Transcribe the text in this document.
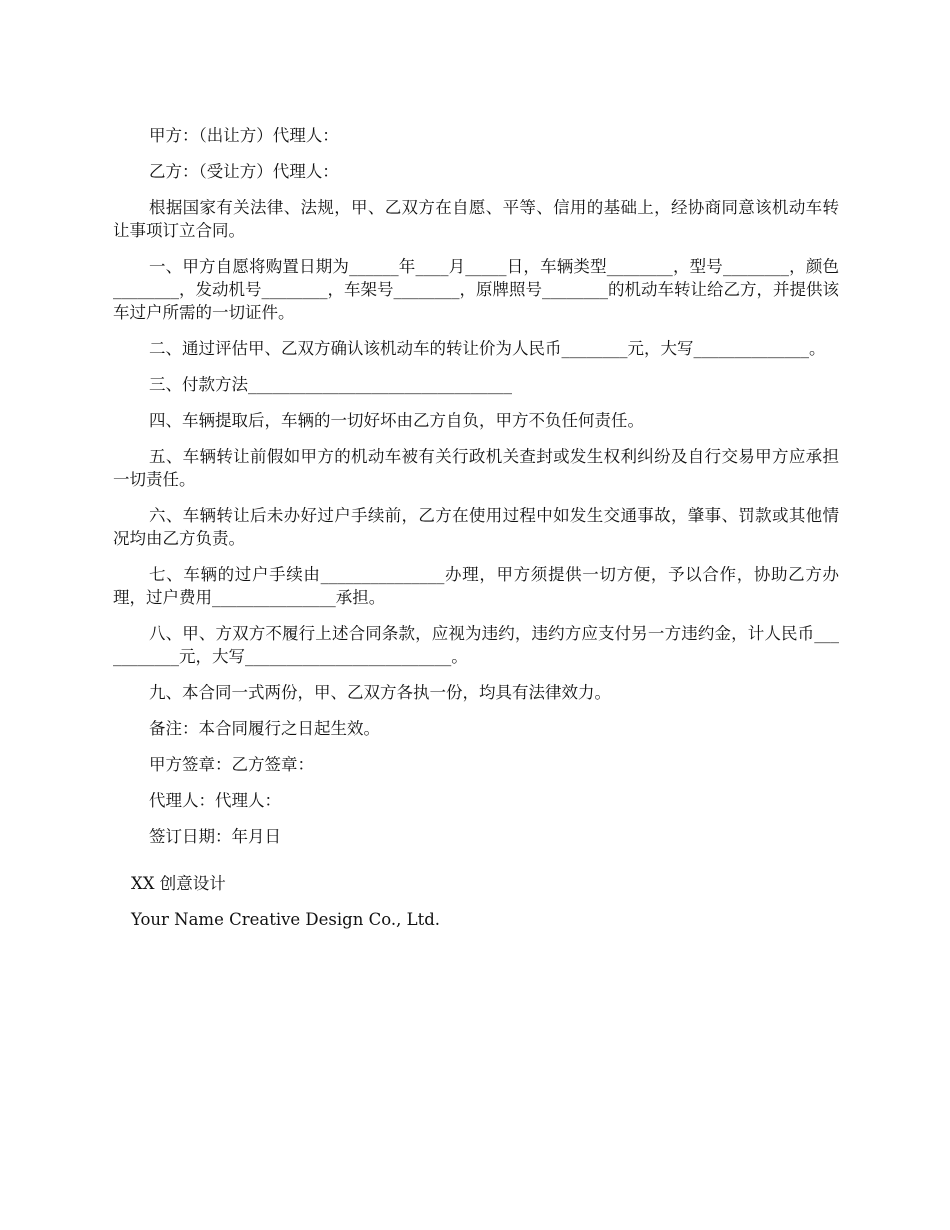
甲方：（出让方）代理人：

乙方：（受让方）代理人：

根据国家有关法律、法规，甲、乙双方在自愿、平等、信用的基础上，经协商同意该机动车转让事项订立合同。

一、甲方自愿将购置日期为______年____月_____日，车辆类型________，型号________，颜色________，发动机号________，车架号________，原牌照号________的机动车转让给乙方，并提供该车过户所需的一切证件。

二、通过评估甲、乙双方确认该机动车的转让价为人民币________元，大写______________。

三、付款方法________________________________

四、车辆提取后，车辆的一切好坏由乙方自负，甲方不负任何责任。

五、车辆转让前假如甲方的机动车被有关行政机关查封或发生权利纠纷及自行交易甲方应承担一切责任。

六、车辆转让后未办好过户手续前，乙方在使用过程中如发生交通事故，肇事、罚款或其他情况均由乙方负责。

七、车辆的过户手续由_______________办理，甲方须提供一切方便，予以合作，协助乙方办理，过户费用_______________承担。

八、甲、方双方不履行上述合同条款，应视为违约，违约方应支付另一方违约金，计人民币___________元，大写_________________________。

九、本合同一式两份，甲、乙双方各执一份，均具有法律效力。

备注：本合同履行之日起生效。

甲方签章：乙方签章：

代理人：代理人：

签订日期：年月日

XX 创意设计
Your Name Creative Design Co., Ltd.
